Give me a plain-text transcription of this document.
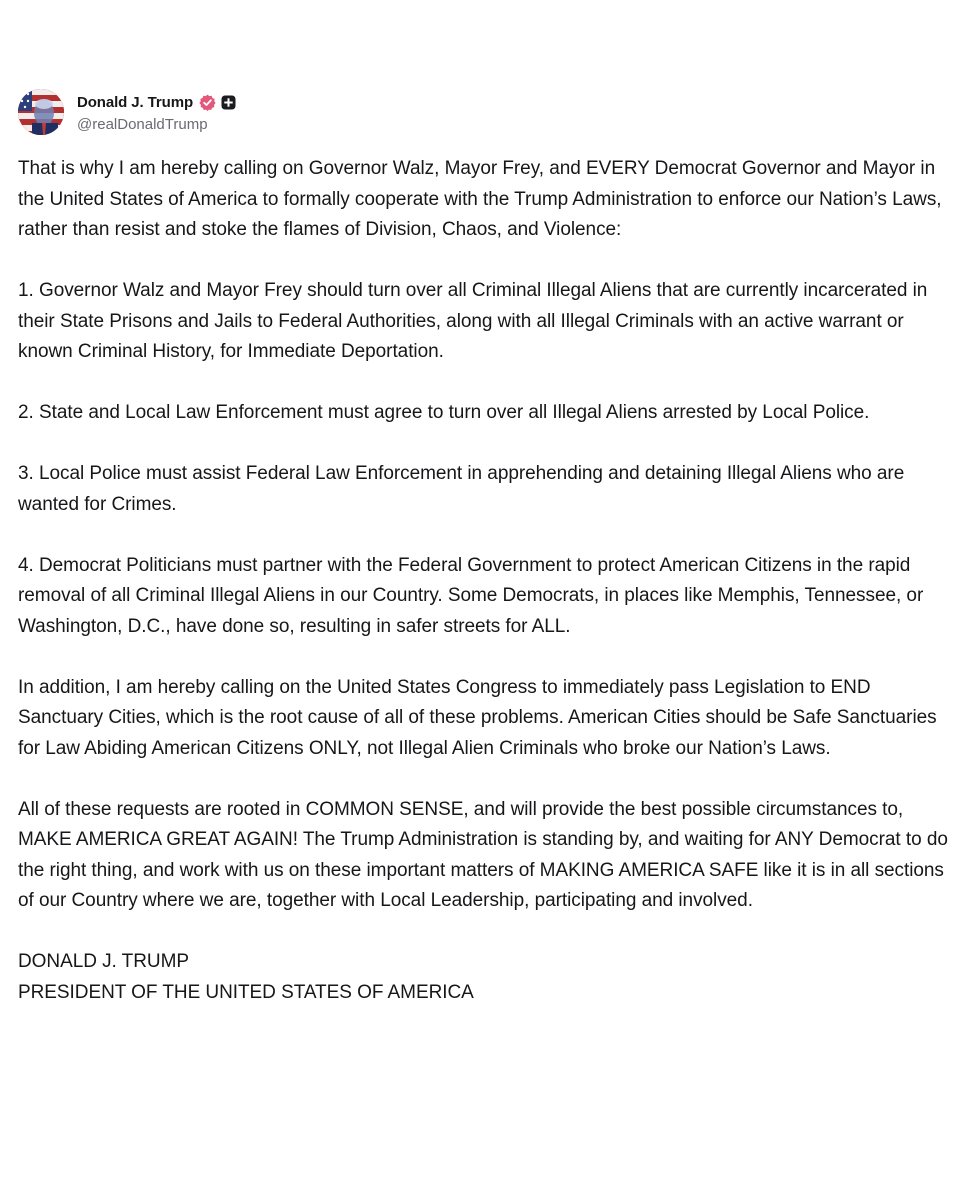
Donald J. Trump
@realDonaldTrump

That is why I am hereby calling on Governor Walz, Mayor Frey, and EVERY Democrat Governor and Mayor in the United States of America to formally cooperate with the Trump Administration to enforce our Nation’s Laws, rather than resist and stoke the flames of Division, Chaos, and Violence:

1. Governor Walz and Mayor Frey should turn over all Criminal Illegal Aliens that are currently incarcerated in their State Prisons and Jails to Federal Authorities, along with all Illegal Criminals with an active warrant or known Criminal History, for Immediate Deportation.

2. State and Local Law Enforcement must agree to turn over all Illegal Aliens arrested by Local Police.

3. Local Police must assist Federal Law Enforcement in apprehending and detaining Illegal Aliens who are wanted for Crimes.

4. Democrat Politicians must partner with the Federal Government to protect American Citizens in the rapid removal of all Criminal Illegal Aliens in our Country. Some Democrats, in places like Memphis, Tennessee, or Washington, D.C., have done so, resulting in safer streets for ALL.

In addition, I am hereby calling on the United States Congress to immediately pass Legislation to END Sanctuary Cities, which is the root cause of all of these problems. American Cities should be Safe Sanctuaries for Law Abiding American Citizens ONLY, not Illegal Alien Criminals who broke our Nation’s Laws.

All of these requests are rooted in COMMON SENSE, and will provide the best possible circumstances to, MAKE AMERICA GREAT AGAIN! The Trump Administration is standing by, and waiting for ANY Democrat to do the right thing, and work with us on these important matters of MAKING AMERICA SAFE like it is in all sections of our Country where we are, together with Local Leadership, participating and involved.

DONALD J. TRUMP
PRESIDENT OF THE UNITED STATES OF AMERICA
